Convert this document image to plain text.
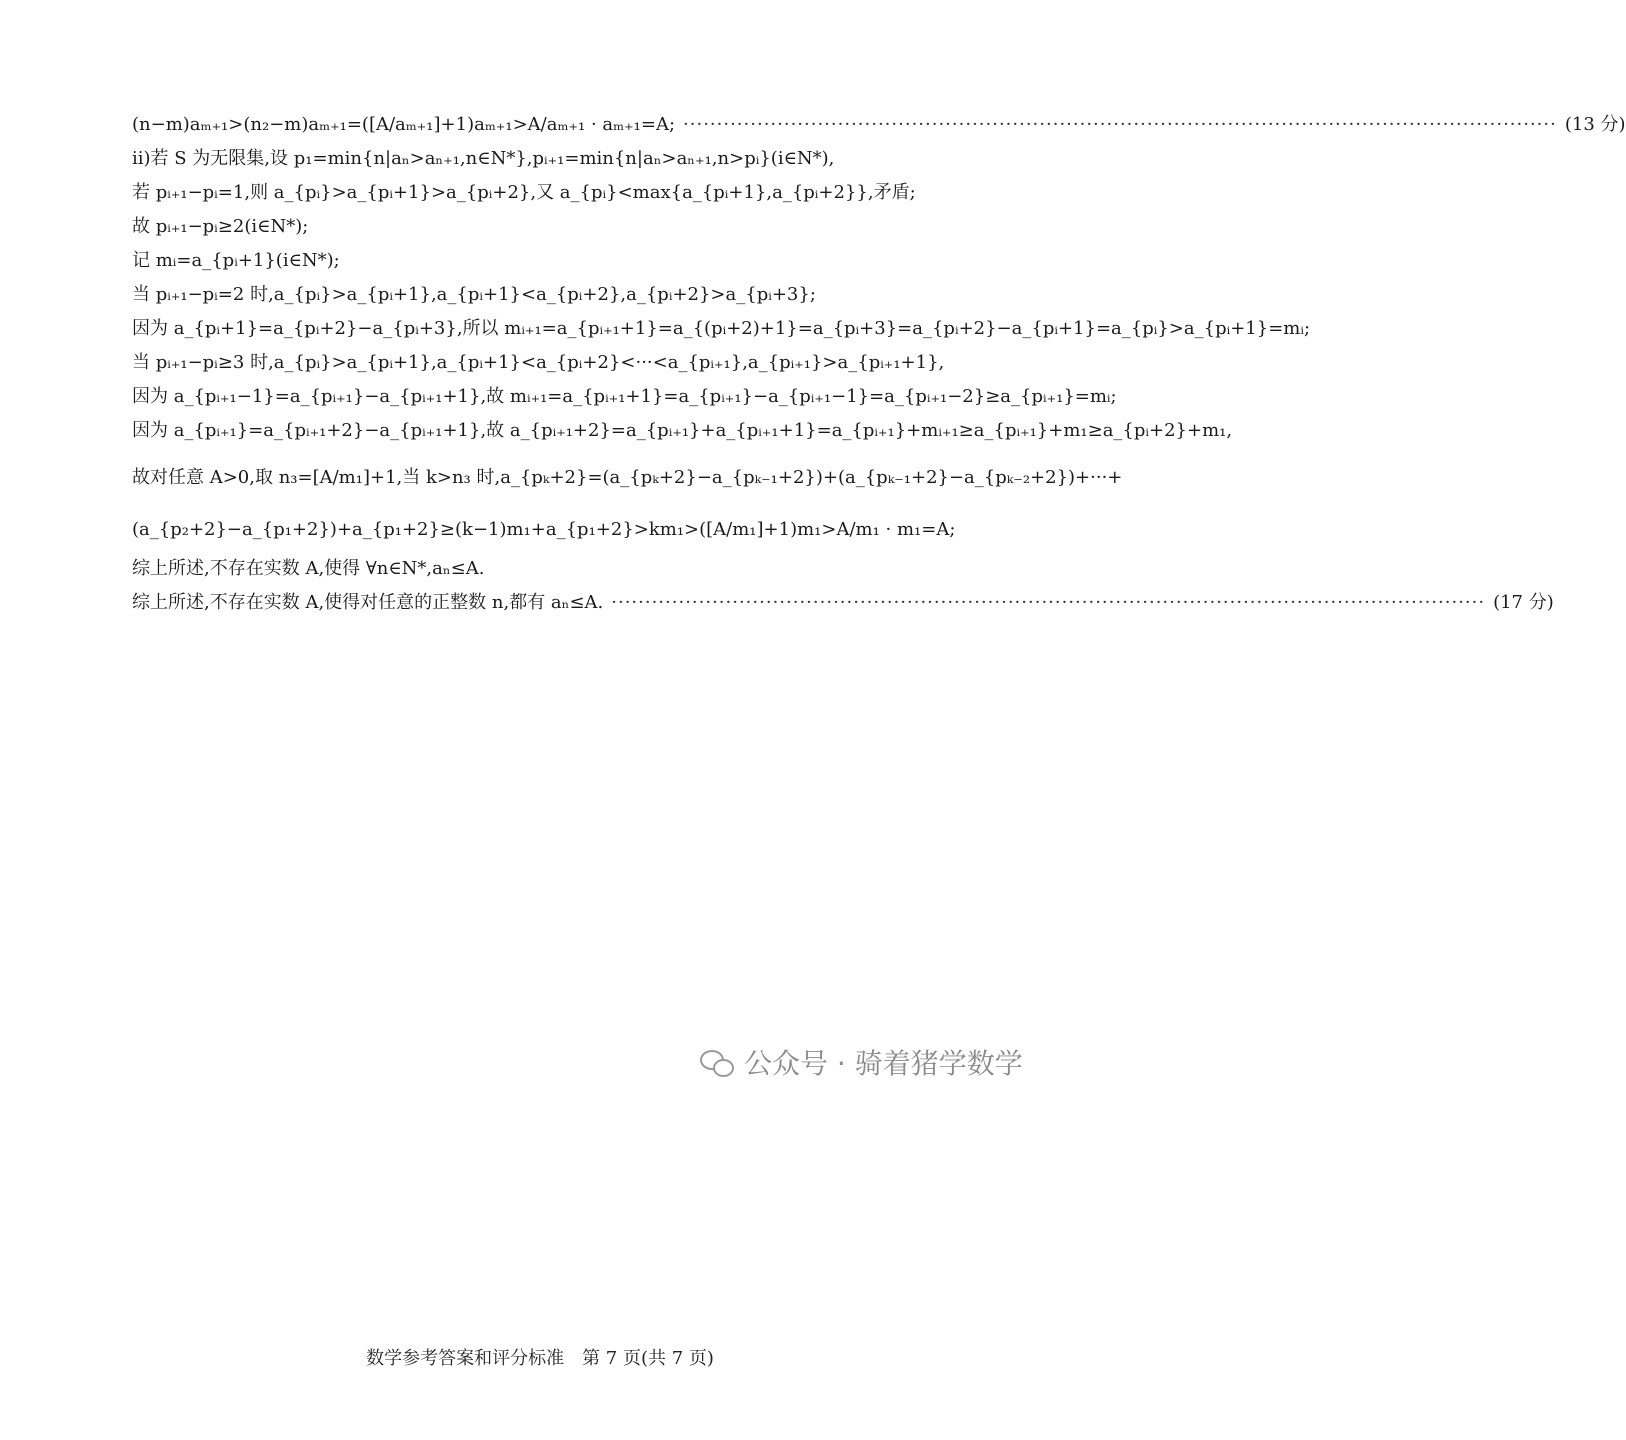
(n−m)aₘ₊₁>(n₂−m)aₘ₊₁=([A/aₘ₊₁]+1)aₘ₊₁>A/aₘ₊₁ · aₘ₊₁=A; ·····	(13 分)
ⅱ)若 S 为无限集,设 p₁=min{n|aₙ>aₙ₊₁,n∈N*},pᵢ₊₁=min{n|aₙ>aₙ₊₁,n>pᵢ}(i∈N*),
若 pᵢ₊₁−pᵢ=1,则 a_{pᵢ}>a_{pᵢ+1}>a_{pᵢ+2},又 a_{pᵢ}<max{a_{pᵢ+1},a_{pᵢ+2}},矛盾;
故 pᵢ₊₁−pᵢ≥2(i∈N*);
记 mᵢ=a_{pᵢ+1}(i∈N*);
当 pᵢ₊₁−pᵢ=2 时,a_{pᵢ}>a_{pᵢ+1},a_{pᵢ+1}<a_{pᵢ+2},a_{pᵢ+2}>a_{pᵢ+3};
因为 a_{pᵢ+1}=a_{pᵢ+2}−a_{pᵢ+3},所以 mᵢ₊₁=a_{pᵢ₊₁+1}=a_{(pᵢ+2)+1}=a_{pᵢ+3}=a_{pᵢ+2}−a_{pᵢ+1}=a_{pᵢ}>a_{pᵢ+1}=mᵢ;
当 pᵢ₊₁−pᵢ≥3 时,a_{pᵢ}>a_{pᵢ+1},a_{pᵢ+1}<a_{pᵢ+2}<···<a_{pᵢ₊₁},a_{pᵢ₊₁}>a_{pᵢ₊₁+1},
因为 a_{pᵢ₊₁−1}=a_{pᵢ₊₁}−a_{pᵢ₊₁+1},故 mᵢ₊₁=a_{pᵢ₊₁+1}=a_{pᵢ₊₁}−a_{pᵢ₊₁−1}=a_{pᵢ₊₁−2}≥a_{pᵢ₊₁}=mᵢ;
因为 a_{pᵢ₊₁}=a_{pᵢ₊₁+2}−a_{pᵢ₊₁+1},故 a_{pᵢ₊₁+2}=a_{pᵢ₊₁}+a_{pᵢ₊₁+1}=a_{pᵢ₊₁}+mᵢ₊₁≥a_{pᵢ₊₁}+m₁≥a_{pᵢ+2}+m₁,
故对任意 A>0,取 n₃=[A/m₁]+1,当 k>n₃ 时,a_{pₖ+2}=(a_{pₖ+2}−a_{pₖ₋₁+2})+(a_{pₖ₋₁+2}−a_{pₖ₋₂+2})+···+
(a_{p₂+2}−a_{p₁+2})+a_{p₁+2}≥(k−1)m₁+a_{p₁+2}>km₁>([A/m₁]+1)m₁>A/m₁ · m₁=A;
综上所述,不存在实数 A,使得 ∀n∈N*,aₙ≤A.
综上所述,不存在实数 A,使得对任意的正整数 n,都有 aₙ≤A. ·····	(17 分)
数学参考答案和评分标准　第 7 页(共 7 页)
公众号 · 骑着猪学数学
